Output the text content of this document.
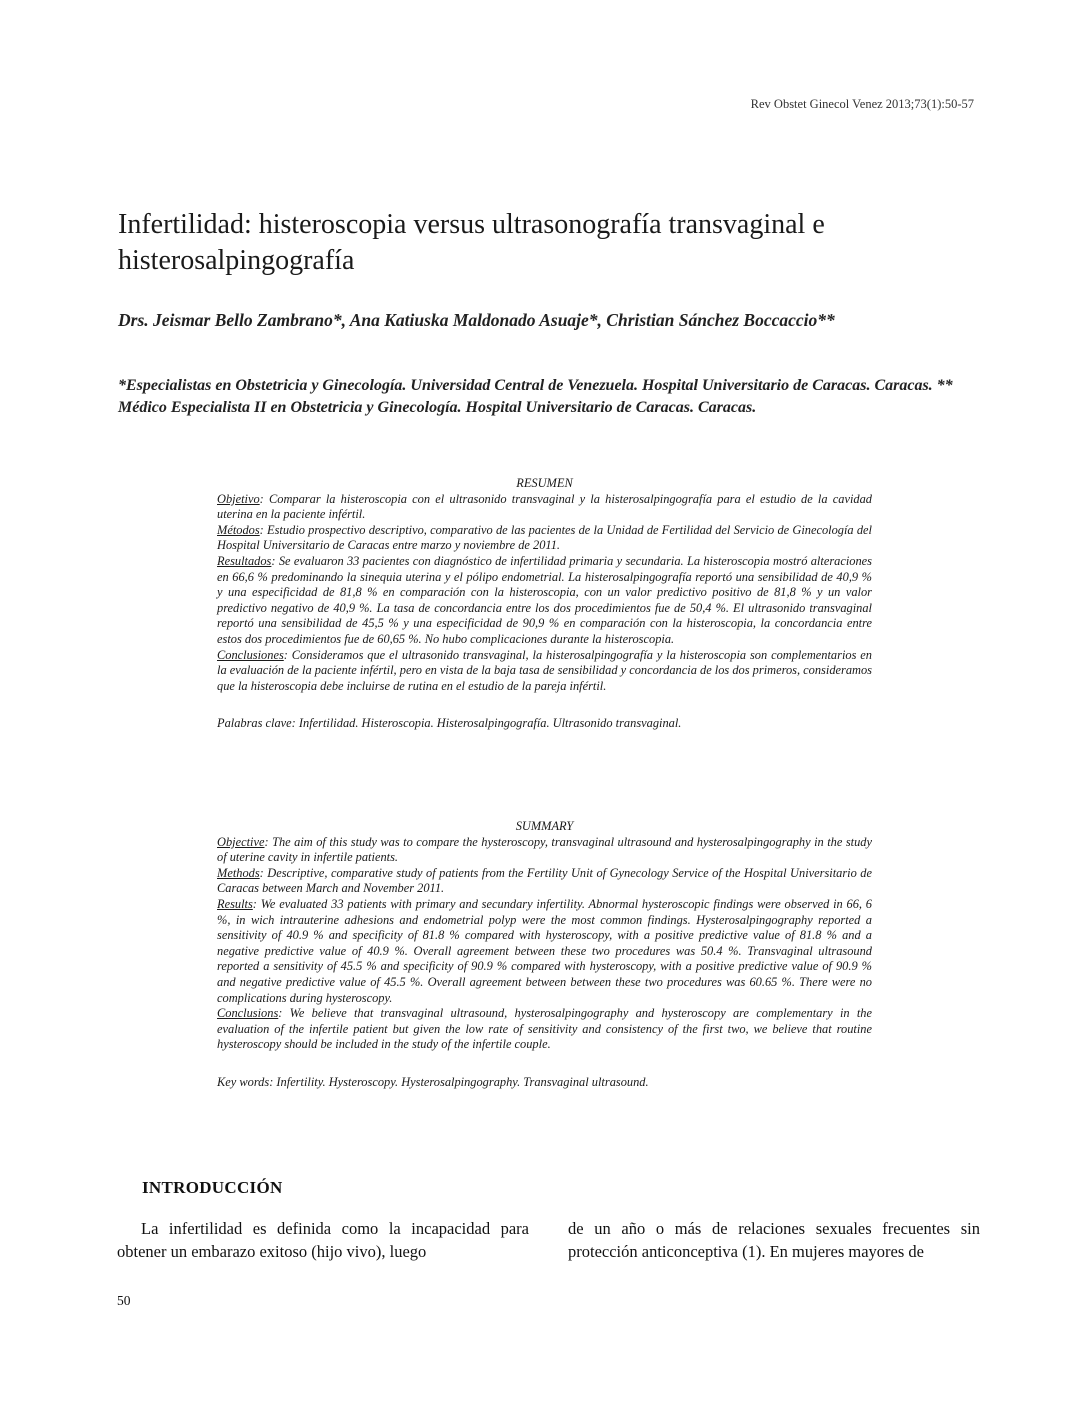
Rev Obstet Ginecol Venez 2013;73(1):50-57
Infertilidad: histeroscopia versus ultrasonografía transvaginal e histerosalpingografía
Drs. Jeismar Bello Zambrano*, Ana Katiuska Maldonado Asuaje*, Christian Sánchez Boccaccio**
*Especialistas en Obstetricia y Ginecología. Universidad Central de Venezuela. Hospital Universitario de Caracas. Caracas. ** Médico Especialista II en Obstetricia y Ginecología. Hospital Universitario de Caracas. Caracas.
RESUMEN

Objetivo: Comparar la histeroscopia con el ultrasonido transvaginal y la histerosalpingografía para el estudio de la cavidad uterina en la paciente infértil.

Métodos: Estudio prospectivo descriptivo, comparativo de las pacientes de la Unidad de Fertilidad del Servicio de Ginecología del Hospital Universitario de Caracas entre marzo y noviembre de 2011.

Resultados: Se evaluaron 33 pacientes con diagnóstico de infertilidad primaria y secundaria. La histeroscopia mostró alteraciones en 66,6 % predominando la sinequia uterina y el pólipo endometrial. La histerosalpingografía reportó una sensibilidad de 40,9 % y una especificidad de 81,8 % en comparación con la histeroscopia, con un valor predictivo positivo de 81,8 % y un valor predictivo negativo de 40,9 %. La tasa de concordancia entre los dos procedimientos fue de 50,4 %. El ultrasonido transvaginal reportó una sensibilidad de 45,5 % y una especificidad de 90,9 % en comparación con la histeroscopia, la concordancia entre estos dos procedimientos fue de 60,65 %. No hubo complicaciones durante la histeroscopia.

Conclusiones: Consideramos que el ultrasonido transvaginal, la histerosalpingografía y la histeroscopia son complementarios en la evaluación de la paciente infértil, pero en vista de la baja tasa de sensibilidad y concordancia de los dos primeros, consideramos que la histeroscopia debe incluirse de rutina en el estudio de la pareja infértil.

Palabras clave: Infertilidad. Histeroscopia. Histerosalpingografía. Ultrasonido transvaginal.

SUMMARY

Objective: The aim of this study was to compare the hysteroscopy, transvaginal ultrasound and hysterosalpingography in the study of uterine cavity in infertile patients.

Methods: Descriptive, comparative study of patients from the Fertility Unit of Gynecology Service of the Hospital Universitario de Caracas between March and November 2011.

Results: We evaluated 33 patients with primary and secundary infertility. Abnormal hysteroscopic findings were observed in 66, 6 %, in wich intrauterine adhesions and endometrial polyp were the most common findings. Hysterosalpingography reported a sensitivity of 40.9 % and specificity of 81.8 % compared with hysteroscopy, with a positive predictive value of 81.8 % and a negative predictive value of 40.9 %. Overall agreement between these two procedures was 50.4 %. Transvaginal ultrasound reported a sensitivity of 45.5 % and specificity of 90.9 % compared with hysteroscopy, with a positive predictive value of 90.9 % and negative predictive value of 45.5 %. Overall agreement between between these two procedures was 60.65 %. There were no complications during hysteroscopy.

Conclusions: We believe that transvaginal ultrasound, hysterosalpingography and hysteroscopy are complementary in the evaluation of the infertile patient but given the low rate of sensitivity and consistency of the first two, we believe that routine hysteroscopy should be included in the study of the infertile couple.

Key words: Infertility. Hysteroscopy. Hysterosalpingography. Transvaginal ultrasound.

INTRODUCCIÓN

La infertilidad es definida como la incapacidad para obtener un embarazo exitoso (hijo vivo), luego

de un año o más de relaciones sexuales frecuentes sin protección anticonceptiva (1). En mujeres mayores de

50
